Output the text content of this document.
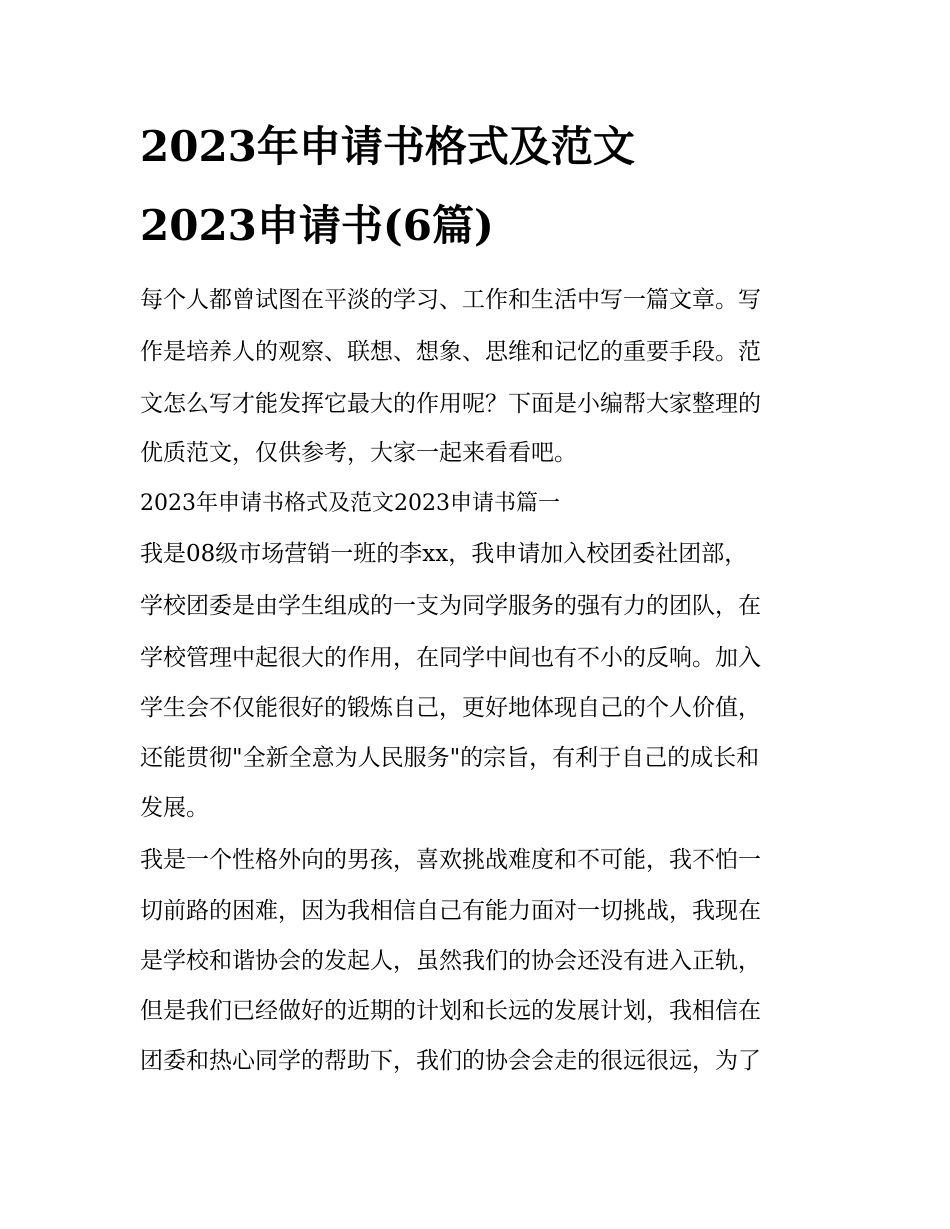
2023年申请书格式及范文
2023申请书(6篇)
每个人都曾试图在平淡的学习、工作和生活中写一篇文章。写
作是培养人的观察、联想、想象、思维和记忆的重要手段。范
文怎么写才能发挥它最大的作用呢？下面是小编帮大家整理的
优质范文，仅供参考，大家一起来看看吧。
2023年申请书格式及范文2023申请书篇一
我是08级市场营销一班的李xx，我申请加入校团委社团部，
学校团委是由学生组成的一支为同学服务的强有力的团队，在
学校管理中起很大的作用，在同学中间也有不小的反响。加入
学生会不仅能很好的锻炼自己，更好地体现自己的个人价值，
还能贯彻"全新全意为人民服务"的宗旨，有利于自己的成长和
发展。
我是一个性格外向的男孩，喜欢挑战难度和不可能，我不怕一
切前路的困难，因为我相信自己有能力面对一切挑战，我现在
是学校和谐协会的发起人，虽然我们的协会还没有进入正轨，
但是我们已经做好的近期的计划和长远的发展计划，我相信在
团委和热心同学的帮助下，我们的协会会走的很远很远，为了
